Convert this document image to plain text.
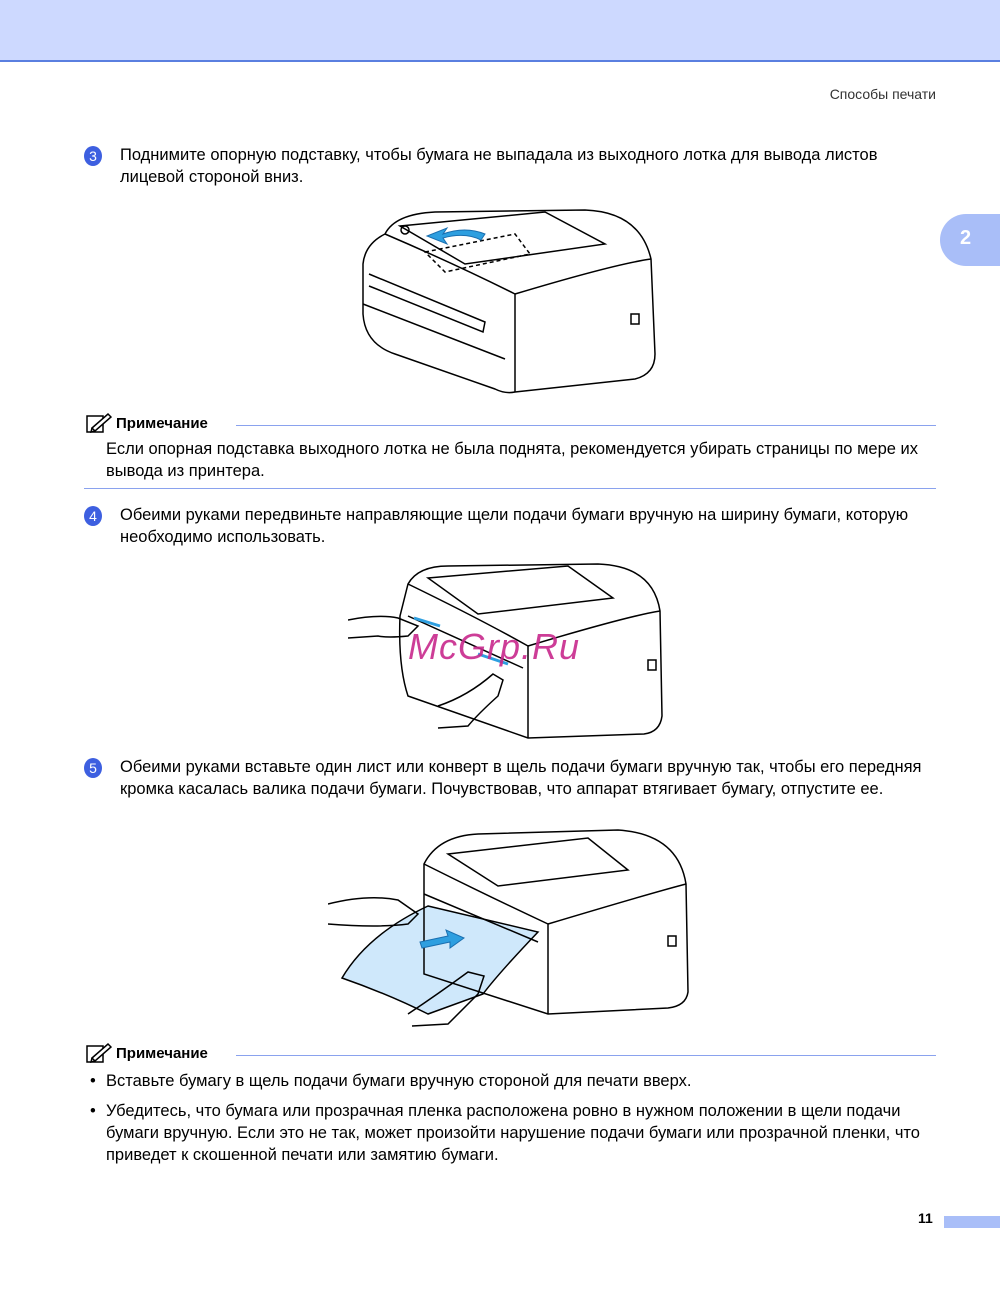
Способы печати
2
3	Поднимите опорную подставку, чтобы бумага не выпадала из выходного лотка для вывода листов лицевой стороной вниз.
Примечание
Если опорная подставка выходного лотка не была поднята, рекомендуется убирать страницы по мере их вывода из принтера.
4	Обеими руками передвиньте направляющие щели подачи бумаги вручную на ширину бумаги, которую необходимо использовать.
McGrp.Ru
5	Обеими руками вставьте один лист или конверт в щель подачи бумаги вручную так, чтобы его передняя кромка касалась валика подачи бумаги. Почувствовав, что аппарат втягивает бумагу, отпустите ее.
Примечание
• Вставьте бумагу в щель подачи бумаги вручную стороной для печати вверх.
• Убедитесь, что бумага или прозрачная пленка расположена ровно в нужном положении в щели подачи бумаги вручную. Если это не так, может произойти нарушение подачи бумаги или прозрачной пленки, что приведет к скошенной печати или замятию бумаги.
11
